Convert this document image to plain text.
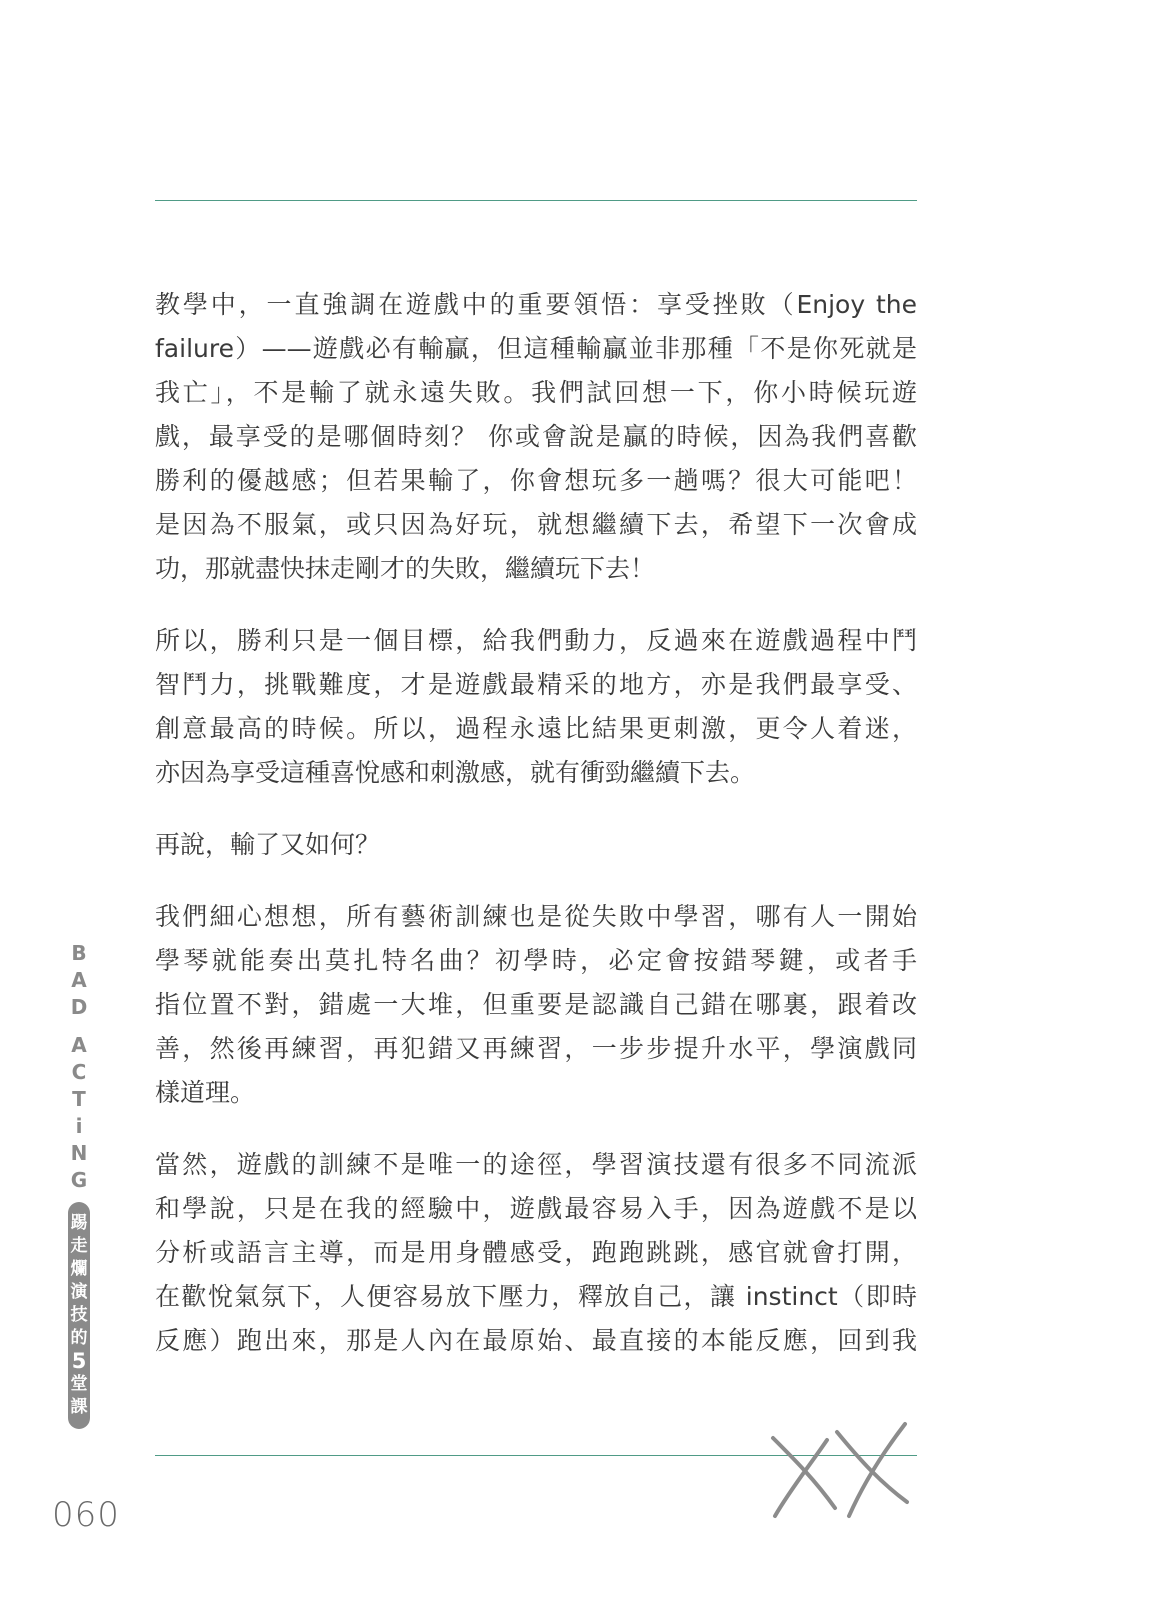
教學中，一直強調在遊戲中的重要領悟：享受挫敗（Enjoy the
failure）——遊戲必有輸贏，但這種輸贏並非那種「不是你死就是
我亡」，不是輸了就永遠失敗。我們試回想一下，你小時候玩遊
戲，最享受的是哪個時刻？ 你或會說是贏的時候，因為我們喜歡
勝利的優越感；但若果輸了，你會想玩多一趟嗎？很大可能吧！
是因為不服氣，或只因為好玩，就想繼續下去，希望下一次會成
功，那就盡快抹走剛才的失敗，繼續玩下去！
所以，勝利只是一個目標，給我們動力，反過來在遊戲過程中鬥
智鬥力，挑戰難度，才是遊戲最精采的地方，亦是我們最享受、
創意最高的時候。所以，過程永遠比結果更刺激，更令人着迷，
亦因為享受這種喜悅感和刺激感，就有衝勁繼續下去。
再說，輸了又如何？
我們細心想想，所有藝術訓練也是從失敗中學習，哪有人一開始
學琴就能奏出莫扎特名曲？初學時，必定會按錯琴鍵，或者手
指位置不對，錯處一大堆，但重要是認識自己錯在哪裏，跟着改
善，然後再練習，再犯錯又再練習，一步步提升水平，學演戲同
樣道理。
當然，遊戲的訓練不是唯一的途徑，學習演技還有很多不同流派
和學說，只是在我的經驗中，遊戲最容易入手，因為遊戲不是以
分析或語言主導，而是用身體感受，跑跑跳跳，感官就會打開，
在歡悅氣氛下，人便容易放下壓力，釋放自己，讓 instinct（即時
反應）跑出來，那是人內在最原始、最直接的本能反應，回到我
B
A
D
A
C
T
i
N
G
踢
走
爛
演
技
的
5
堂
課
060
